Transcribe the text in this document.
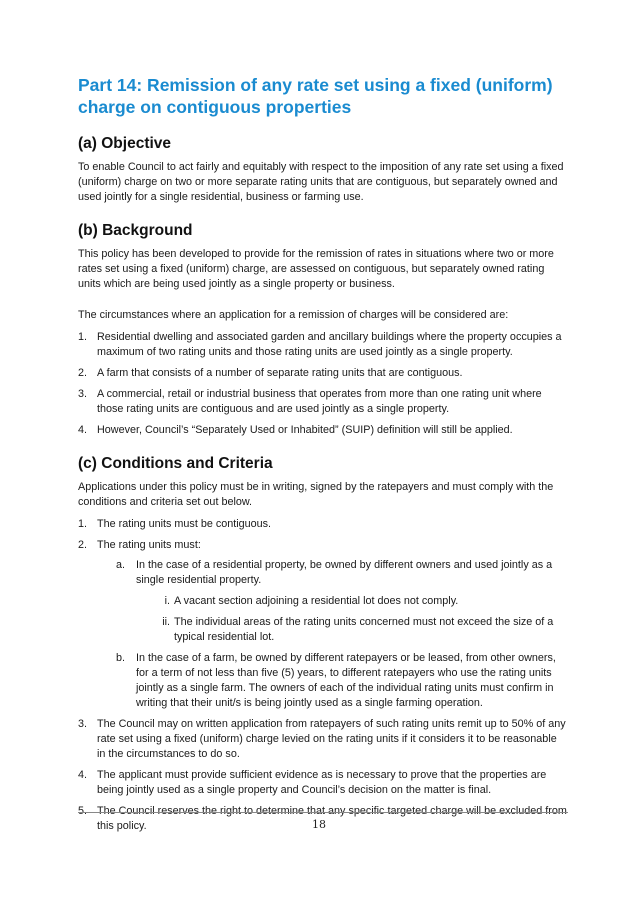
Part 14: Remission of any rate set using a fixed (uniform) charge on contiguous properties
(a) Objective

To enable Council to act fairly and equitably with respect to the imposition of any rate set using a fixed (uniform) charge on two or more separate rating units that are contiguous, but separately owned and used jointly for a single residential, business or farming use.

(b) Background

This policy has been developed to provide for the remission of rates in situations where two or more rates set using a fixed (uniform) charge, are assessed on contiguous, but separately owned rating units which are being used jointly as a single property or business.

The circumstances where an application for a remission of charges will be considered are:

1. Residential dwelling and associated garden and ancillary buildings where the property occupies a maximum of two rating units and those rating units are used jointly as a single property.
2. A farm that consists of a number of separate rating units that are contiguous.
3. A commercial, retail or industrial business that operates from more than one rating unit where those rating units are contiguous and are used jointly as a single property.
4. However, Council’s “Separately Used or Inhabited” (SUIP) definition will still be applied.
(c) Conditions and Criteria

Applications under this policy must be in writing, signed by the ratepayers and must comply with the conditions and criteria set out below.

1. The rating units must be contiguous.
2. The rating units must:
a. In the case of a residential property, be owned by different owners and used jointly as a single residential property.
i. A vacant section adjoining a residential lot does not comply.
ii. The individual areas of the rating units concerned must not exceed the size of a typical residential lot.
b. In the case of a farm, be owned by different ratepayers or be leased, from other owners, for a term of not less than five (5) years, to different ratepayers who use the rating units jointly as a single farm. The owners of each of the individual rating units must confirm in writing that their unit/s is being jointly used as a single farming operation.
3. The Council may on written application from ratepayers of such rating units remit up to 50% of any rate set using a fixed (uniform) charge levied on the rating units if it considers it to be reasonable in the circumstances to do so.
4. The applicant must provide sufficient evidence as is necessary to prove that the properties are being jointly used as a single property and Council’s decision on the matter is final.
5. The Council reserves the right to determine that any specific targeted charge will be excluded from this policy.	18
